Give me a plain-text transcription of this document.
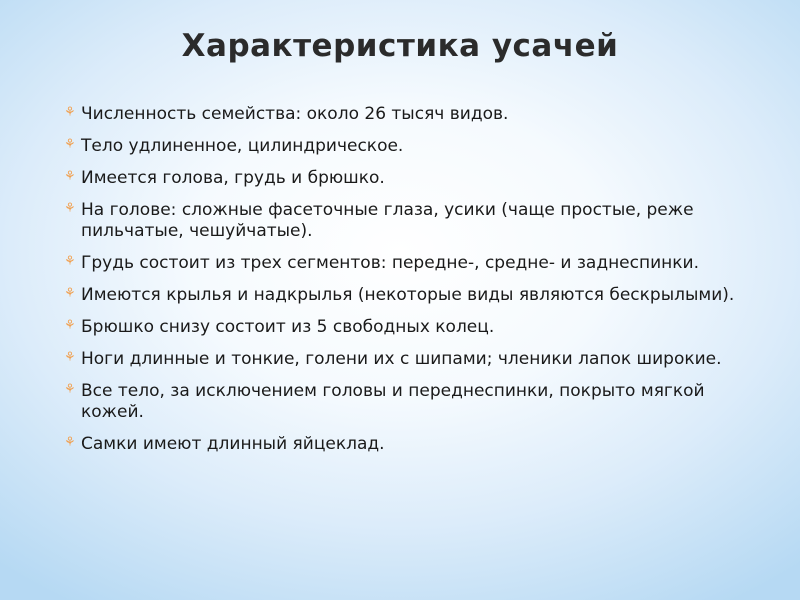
Характеристика усачей
⚘ Численность семейства: около 26 тысяч видов.
⚘ Тело удлиненное, цилиндрическое.
⚘ Имеется голова, грудь и брюшко.
⚘ На голове: сложные фасеточные глаза, усики (чаще простые, реже пильчатые, чешуйчатые).
⚘ Грудь состоит из трех сегментов: передне-, средне- и заднеспинки.
⚘ Имеются крылья и надкрылья (некоторые виды являются бескрылыми).
⚘ Брюшко снизу состоит из 5 свободных колец.
⚘ Ноги длинные и тонкие, голени их с шипами; членики лапок широкие.
⚘ Все тело, за исключением головы и переднеспинки, покрыто мягкой кожей.
⚘ Самки имеют длинный яйцеклад.
